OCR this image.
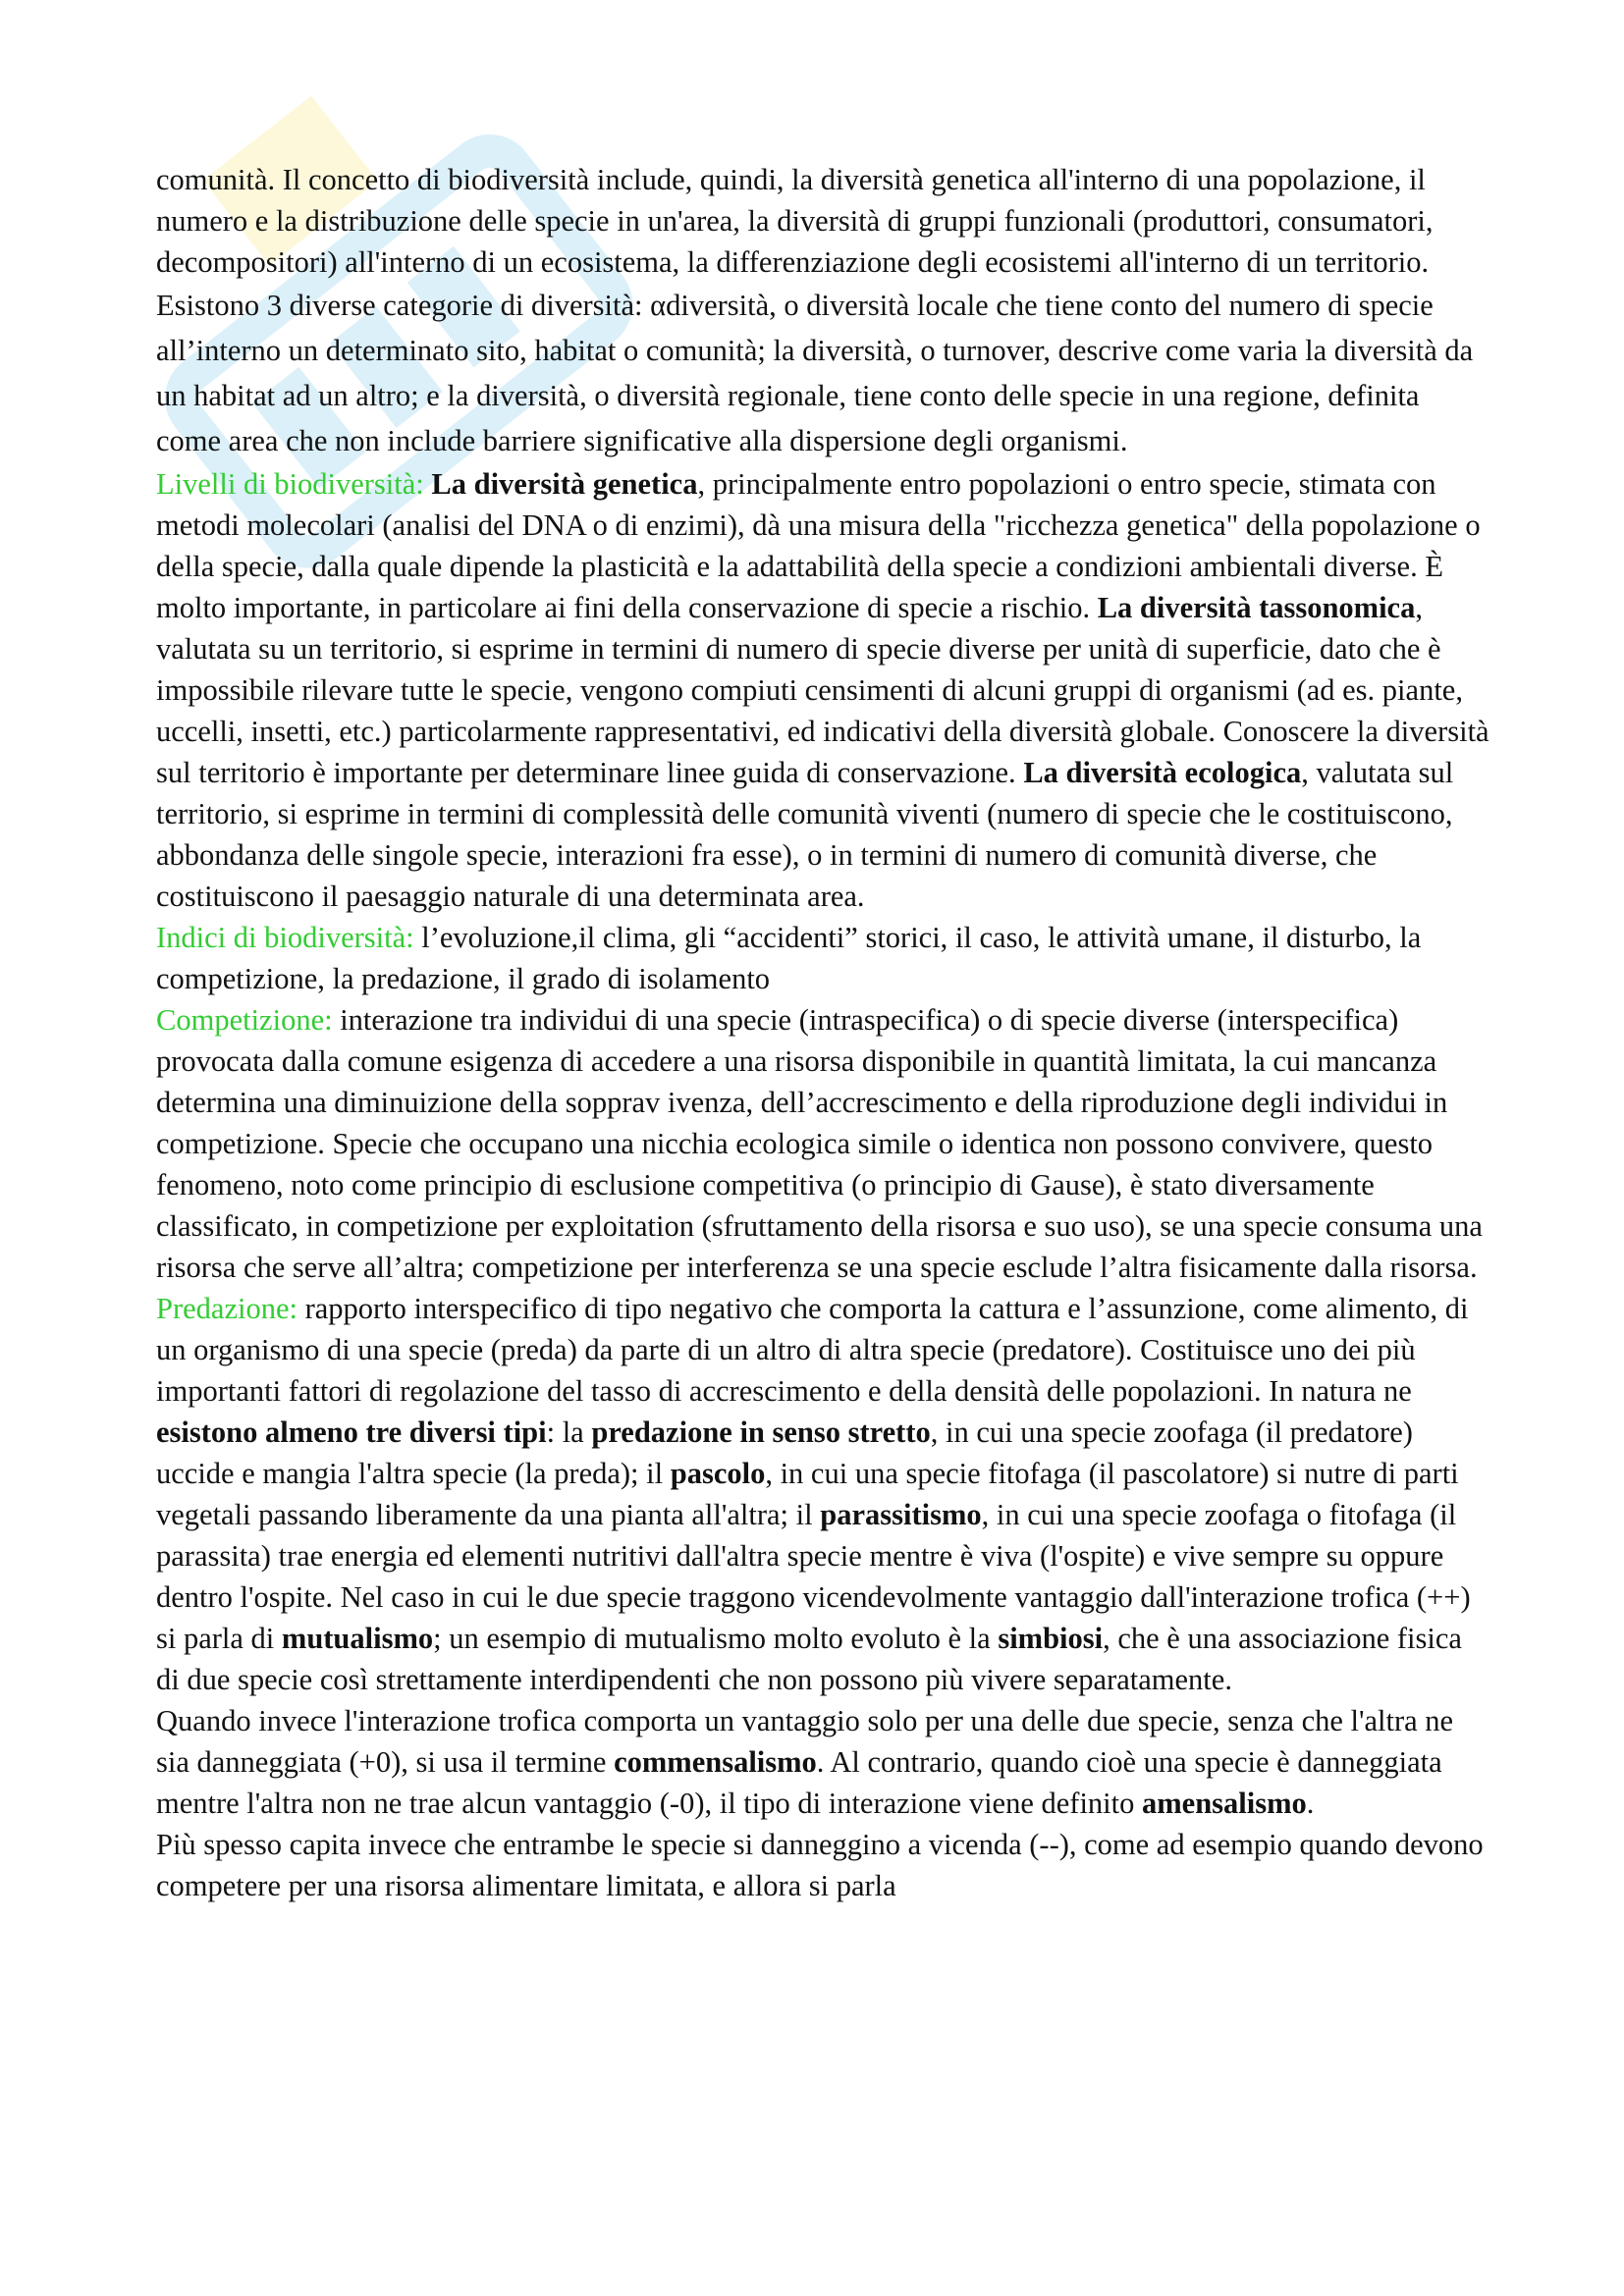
comunità. Il concetto di biodiversità include, quindi, la diversità genetica all'interno di una popolazione, il numero e la distribuzione delle specie in un'area, la diversità di gruppi funzionali (produttori, consumatori, decompositori) all'interno di un ecosistema, la differenziazione degli ecosistemi all'interno di un territorio.

Esistono 3 diverse categorie di diversità: αdiversità, o diversità locale che tiene conto del numero di specie all’interno un determinato sito, habitat o comunità; la diversità, o turnover, descrive come varia la diversità da un habitat ad un altro; e la diversità, o diversità regionale, tiene conto delle specie in una regione, definita come area che non include barriere significative alla dispersione degli organismi.

Livelli di biodiversità: La diversità genetica, principalmente entro popolazioni o entro specie, stimata con metodi molecolari (analisi del DNA o di enzimi), dà una misura della "ricchezza genetica" della popolazione o della specie, dalla quale dipende la plasticità e la adattabilità della specie a condizioni ambientali diverse. È molto importante, in particolare ai fini della conservazione di specie a rischio. La diversità tassonomica, valutata su un territorio, si esprime in termini di numero di specie diverse per unità di superficie, dato che è impossibile rilevare tutte le specie, vengono compiuti censimenti di alcuni gruppi di organismi (ad es. piante, uccelli, insetti, etc.) particolarmente rappresentativi, ed indicativi della diversità globale. Conoscere la diversità sul territorio è importante per determinare linee guida di conservazione. La diversità ecologica, valutata sul territorio, si esprime in termini di complessità delle comunità viventi (numero di specie che le costituiscono, abbondanza delle singole specie, interazioni fra esse), o in termini di numero di comunità diverse, che costituiscono il paesaggio naturale di una determinata area.

Indici di biodiversità: l’evoluzione,il clima, gli “accidenti” storici, il caso, le attività umane, il disturbo, la competizione, la predazione, il grado di isolamento

Competizione: interazione tra individui di una specie (intraspecifica) o di specie diverse (interspecifica) provocata dalla comune esigenza di accedere a una risorsa disponibile in quantità limitata, la cui mancanza determina una diminuizione della sopprav ivenza, dell’accrescimento e della riproduzione degli individui in competizione. Specie che occupano una nicchia ecologica simile o identica non possono convivere, questo fenomeno, noto come principio di esclusione competitiva (o principio di Gause), è stato diversamente classificato, in competizione per exploitation (sfruttamento della risorsa e suo uso), se una specie consuma una risorsa che serve all’altra; competizione per interferenza se una specie esclude l’altra fisicamente dalla risorsa.

Predazione: rapporto interspecifico di tipo negativo che comporta la cattura e l’assunzione, come alimento, di un organismo di una specie (preda) da parte di un altro di altra specie (predatore). Costituisce uno dei più importanti fattori di regolazione del tasso di accrescimento e della densità delle popolazioni. In natura ne esistono almeno tre diversi tipi: la predazione in senso stretto, in cui una specie zoofaga (il predatore) uccide e mangia l'altra specie (la preda); il pascolo, in cui una specie fitofaga (il pascolatore) si nutre di parti vegetali passando liberamente da una pianta all'altra; il parassitismo, in cui una specie zoofaga o fitofaga (il parassita) trae energia ed elementi nutritivi dall'altra specie mentre è viva (l'ospite) e vive sempre su oppure dentro l'ospite. Nel caso in cui le due specie traggono vicendevolmente vantaggio dall'interazione trofica (++) si parla di mutualismo; un esempio di mutualismo molto evoluto è la simbiosi, che è una associazione fisica di due specie così strettamente interdipendenti che non possono più vivere separatamente.

Quando invece l'interazione trofica comporta un vantaggio solo per una delle due specie, senza che l'altra ne sia danneggiata (+0), si usa il termine commensalismo. Al contrario, quando cioè una specie è danneggiata mentre l'altra non ne trae alcun vantaggio (-0), il tipo di interazione viene definito amensalismo.

Più spesso capita invece che entrambe le specie si danneggino a vicenda (--), come ad esempio quando devono competere per una risorsa alimentare limitata, e allora si parla
